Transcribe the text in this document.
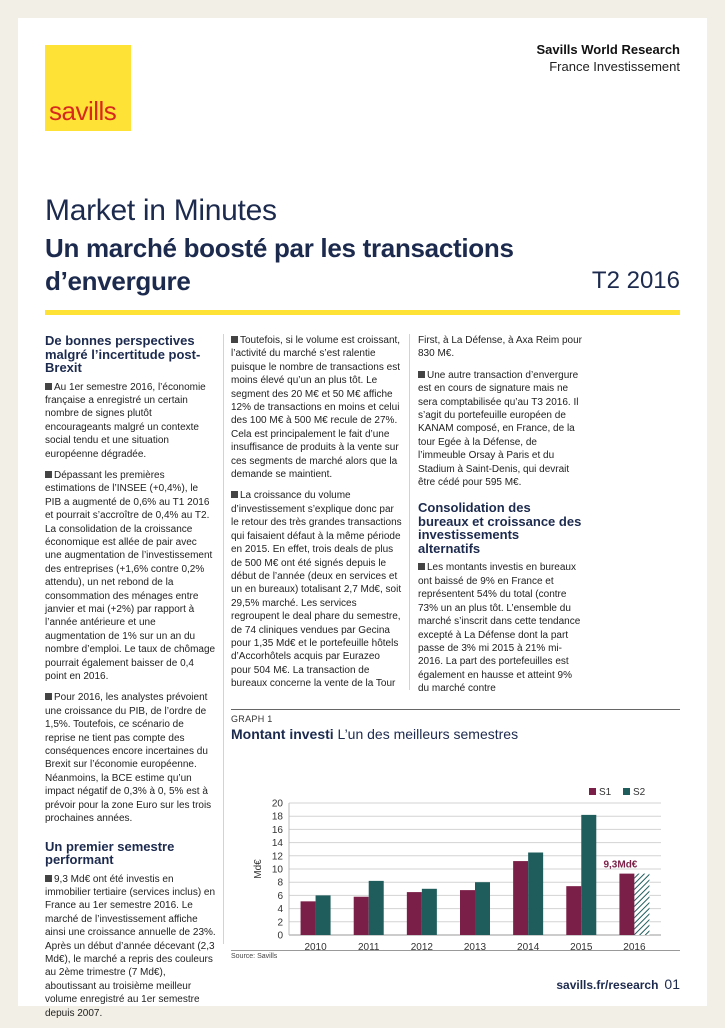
savills
Savills World Research
France Investissement
Market in Minutes
Un marché boosté par les transactions d’envergure	T2 2016
De bonnes perspectives malgré l’incertitude post-Brexit

Au 1er semestre 2016, l’économie française a enregistré un certain nombre de signes plutôt encourageants malgré un contexte social tendu et une situation européenne dégradée.

Dépassant les premières estimations de l’INSEE (+0,4%), le PIB a augmenté de 0,6% au T1 2016 et pourrait s’accroître de 0,4% au T2. La consolidation de la croissance économique est allée de pair avec une augmentation de l’investissement des entreprises (+1,6% contre 0,2% attendu), un net rebond de la consommation des ménages entre janvier et mai (+2%) par rapport à l’année antérieure et une augmentation de 1% sur un an du nombre d’emploi. Le taux de chômage pourrait également baisser de 0,4 point en 2016.

Pour 2016, les analystes prévoient une croissance du PIB, de l’ordre de 1,5%. Toutefois, ce scénario de reprise ne tient pas compte des conséquences encore incertaines du Brexit sur l’économie européenne. Néanmoins, la BCE estime qu’un impact négatif de 0,3% à 0, 5% est à prévoir pour la zone Euro sur les trois prochaines années.

Un premier semestre performant

9,3 Md€ ont été investis en immobilier tertiaire (services inclus) en France au 1er semestre 2016. Le marché de l’investissement affiche ainsi une croissance annuelle de 23%. Après un début d’année décevant (2,3 Md€), le marché a repris des couleurs au 2ème trimestre (7 Md€), aboutissant au troisième meilleur volume enregistré au 1er semestre depuis 2007.

Toutefois, si le volume est croissant, l’activité du marché s’est ralentie puisque le nombre de transactions est moins élevé qu’un an plus tôt. Le segment des 20 M€ et 50 M€ affiche 12% de transactions en moins et celui des 100 M€ à 500 M€ recule de 27%. Cela est principalement le fait d’une insuffisance de produits à la vente sur ces segments de marché alors que la demande se maintient.

La croissance du volume d’investissement s’explique donc par le retour des très grandes transactions qui faisaient défaut à la même période en 2015. En effet, trois deals de plus de 500 M€ ont été signés depuis le début de l’année (deux en services et un en bureaux) totalisant 2,7 Md€, soit 29,5% marché. Les services regroupent le deal phare du semestre, de 74 cliniques vendues par Gecina pour 1,35 Md€ et le portefeuille hôtels d’Accorhôtels acquis par Eurazeo pour 504 M€. La transaction de bureaux concerne la vente de la Tour

First, à La Défense, à Axa Reim pour 830 M€.

Une autre transaction d’envergure est en cours de signature mais ne sera comptabilisée qu’au T3 2016. Il s’agit du portefeuille européen de KANAM composé, en France, de la tour Egée à la Défense, de l’immeuble Orsay à Paris et du Stadium à Saint-Denis, qui devrait être cédé pour 595 M€.

Consolidation des bureaux et croissance des investissements alternatifs

Les montants investis en bureaux ont baissé de 9% en France et représentent 54% du total (contre 73% un an plus tôt. L’ensemble du marché s’inscrit dans cette tendance excepté à La Défense dont la part passe de 3% mi 2015 à 21% mi-2016. La part des portefeuilles est également en hausse et atteint 9% du marché contre

GRAPH 1
Montant investi L’un des meilleurs semestres
0
2
4
6
8
10
12
14
16
18
20
Md€
2010	2011	2012	2013	2014	2015	2016
9,3Md€
S1 S2
Source: Savills
savills.fr/research 01
